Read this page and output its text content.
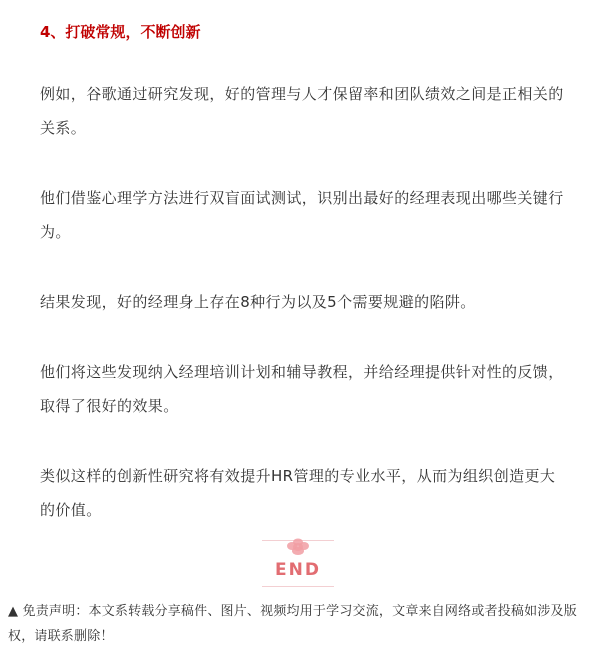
4、打破常规，不断创新
例如，谷歌通过研究发现，好的管理与人才保留率和团队绩效之间是正相关的关系。
他们借鉴心理学方法进行双盲面试测试，识别出最好的经理表现出哪些关键行为。
结果发现，好的经理身上存在8种行为以及5个需要规避的陷阱。
他们将这些发现纳入经理培训计划和辅导教程，并给经理提供针对性的反馈，取得了很好的效果。
类似这样的创新性研究将有效提升HR管理的专业水平，从而为组织创造更大的价值。
END
▲ 免责声明：本文系转载分享稿件、图片、视频均用于学习交流，文章来自网络或者投稿如涉及版权，请联系删除！
